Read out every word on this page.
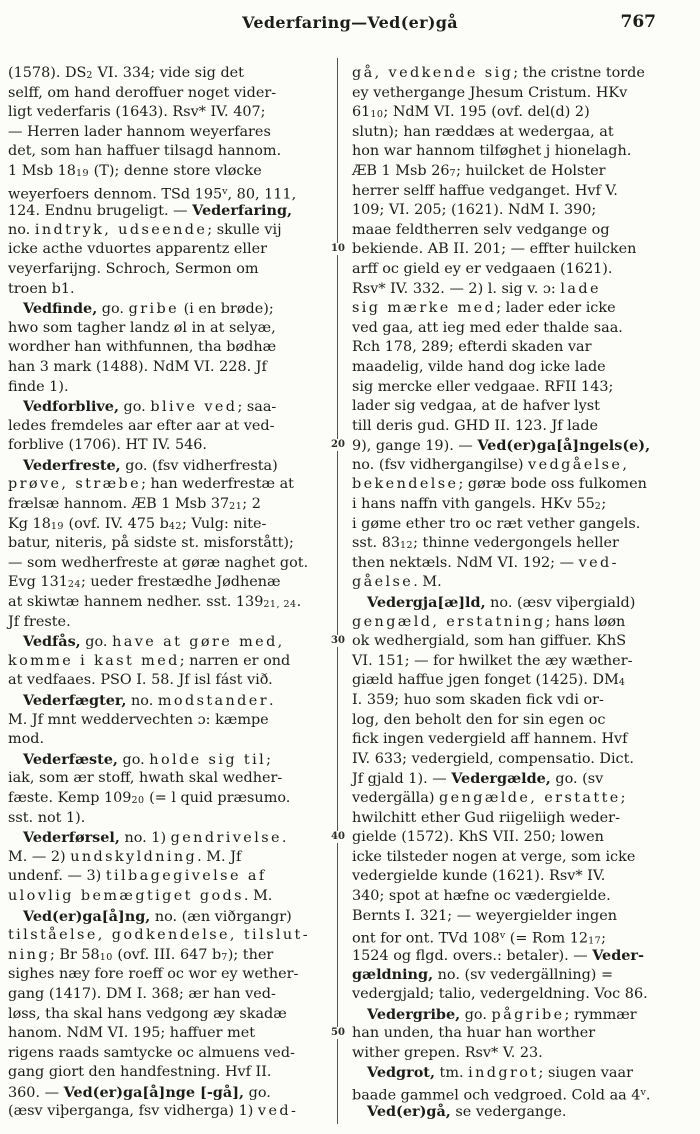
Vederfaring—Ved(er)gå	767
(1578). DS2 VI. 334; vide sig det
selff, om hand deroffuer noget vider-
ligt vederfaris (1643). Rsv* IV. 407;
— Herren lader hannom weyerfares
det, som han haffuer tilsagd hannom.
1 Msb 1819 (T); denne store vløcke
weyerfoers dennom. TSd 195$^v$, 80, 111,
124. Endnu brugeligt. — Vederfaring,
no. indtryk, udseende; skulle vij
icke acthe vduortes apparentz eller
veyerfarijng. Schroch, Sermon om
troen b1.
Vedfinde, go. gribe (i en brøde);
hwo som tagher landz øl in at selyæ,
wordher han withfunnen, tha bødhæ
han 3 mark (1488). NdM VI. 228. Jf
finde 1).
Vedforblive, go. blive ved; saa-
ledes fremdeles aar efter aar at ved-
forblive (1706). HT IV. 546.
Vederfreste, go. (fsv vidherfresta)
prøve, stræbe; han wederfrestæ at
frælsæ hannom. ÆB 1 Msb 3721; 2
Kg 1819 (ovf. IV. 475 b42; Vulg: nite-
batur, niteris, på sidste st. misforstått);
— som wedherfreste at gøræ naghet got.
Evg 13124; ueder frestædhe Jødhenæ
at skiwtæ hannem nedher. sst. 13921, 24.
Jf freste.
Vedfås, go. have at gøre med,
komme i kast med; narren er ond
at vedfaaes. PSO I. 58. Jf isl fást við.
Vederfægter, no. modstander.
M. Jf mnt weddervechten ɔ: kæmpe
mod.
Vederfæste, go. holde sig til;
iak, som ær stoff, hwath skal wedher-
fæste. Kemp 10920 (= l quid præsumo.
sst. not 1).
Vederførsel, no. 1) gendrivelse.
M. — 2) undskyldning. M. Jf
undenf. — 3) tilbagegivelse af
ulovlig bemægtiget gods. M.
Ved(er)ga[å]ng, no. (æn viðrgangr)
tilståelse, godkendelse, tilslut-
ning; Br 5810 (ovf. III. 647 b7); ther
sighes næy fore roeff oc wor ey wether-
gang (1417). DM I. 368; ær han ved-
løss, tha skal hans vedgong æy skadæ
hanom. NdM VI. 195; haffuer met
rigens raads samtycke oc almuens ved-
gang giort den handfestning. Hvf II.
360. — Ved(er)ga[å]nge [-gå], go.
(æsv viþerganga, fsv vidherga) 1) ved-
gå, vedkende sig; the cristne torde
ey vethergange Jhesum Cristum. HKv
6110; NdM VI. 195 (ovf. del(d) 2)
slutn); han ræddæs at wedergaa, at
hon war hannom tilføghet j hionelagh.
ÆB 1 Msb 267; huilcket de Holster
herrer selff haffue vedganget. Hvf V.
109; VI. 205; (1621). NdM I. 390;
maae feldtherren selv vedgange og
bekiende. AB II. 201; — effter huilcken
arff oc gield ey er vedgaaen (1621).
Rsv* IV. 332. — 2) l. sig v. ɔ: lade
sig mærke med; lader eder icke
ved gaa, att ieg med eder thalde saa.
Rch 178, 289; efterdi skaden var
maadelig, vilde hand dog icke lade
sig mercke eller vedgaae. RFII 143;
lader sig vedgaa, at de hafver lyst
till deris gud. GHD II. 123. Jf lade
9), gange 19). — Ved(er)ga[å]ngels(e),
no. (fsv vidhergangilse) vedgåelse,
bekendelse; gøræ bode oss fulkomen
i hans naffn vith gangels. HKv 552;
i gøme ether tro oc ræt vether gangels.
sst. 8312; thinne vedergongels heller
then nektæls. NdM VI. 192; — ved-
gåelse. M.
Vedergja[æ]ld, no. (æsv viþergiald)
gengæld, erstatning; hans løøn
ok wedhergiald, som han giffuer. KhS
VI. 151; — for hwilket the æy wæther-
giæld haffue jgen fonget (1425). DM4
I. 359; huo som skaden fick vdi or-
log, den beholt den for sin egen oc
fick ingen vedergield aff hannem. Hvf
IV. 633; vedergield, compensatio. Dict.
Jf gjald 1). — Vedergælde, go. (sv
vedergälla) gengælde, erstatte;
hwilchitt ether Gud riigeliigh weder-
gielde (1572). KhS VII. 250; lowen
icke tilsteder nogen at verge, som icke
vedergielde kunde (1621). Rsv* IV.
340; spot at hæfne oc vædergielde.
Bernts I. 321; — weyergielder ingen
ont for ont. TVd 108$^v$ (= Rom 1217;
1524 og flgd. overs.: betaler). — Veder-
gældning, no. (sv vedergällning) =
vedergjald; talio, vedergeldning. Voc 86.
Vedergribe, go. pågribe; rymmær
han unden, tha huar han worther
wither grepen. Rsv* V. 23.
Vedgrot, tm. indgrot; siugen vaar
baade gammel och vedgroed. Cold aa 4$^v$.
Ved(er)gå, se vedergange.
10
20
30
40
50
